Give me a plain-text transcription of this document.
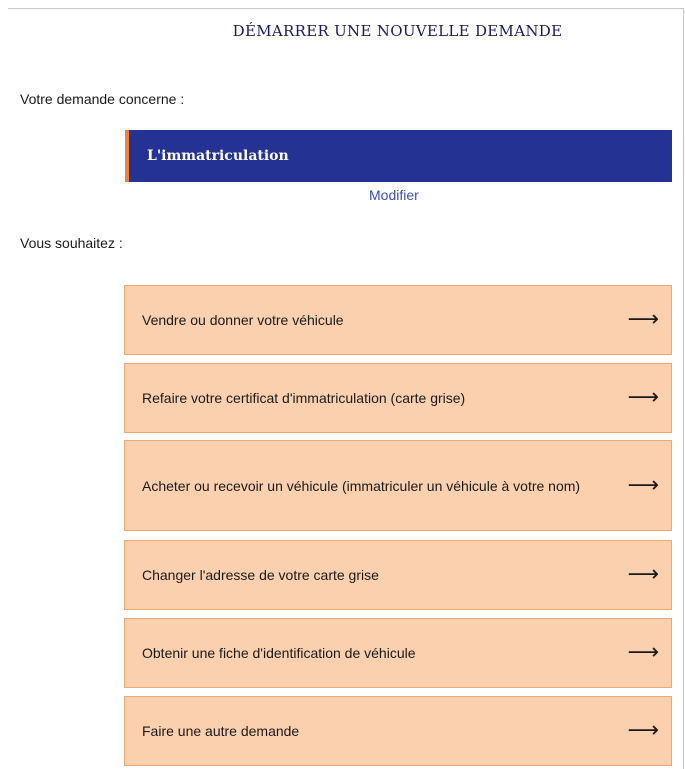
DÉMARRER UNE NOUVELLE DEMANDE
Votre demande concerne :
L'immatriculation
Modifier
Vous souhaitez :
Vendre ou donner votre véhicule	⟶
Refaire votre certificat d'immatriculation (carte grise)	⟶
Acheter ou recevoir un véhicule (immatriculer un véhicule à votre nom)	⟶
Changer l'adresse de votre carte grise	⟶
Obtenir une fiche d'identification de véhicule	⟶
Faire une autre demande	⟶
